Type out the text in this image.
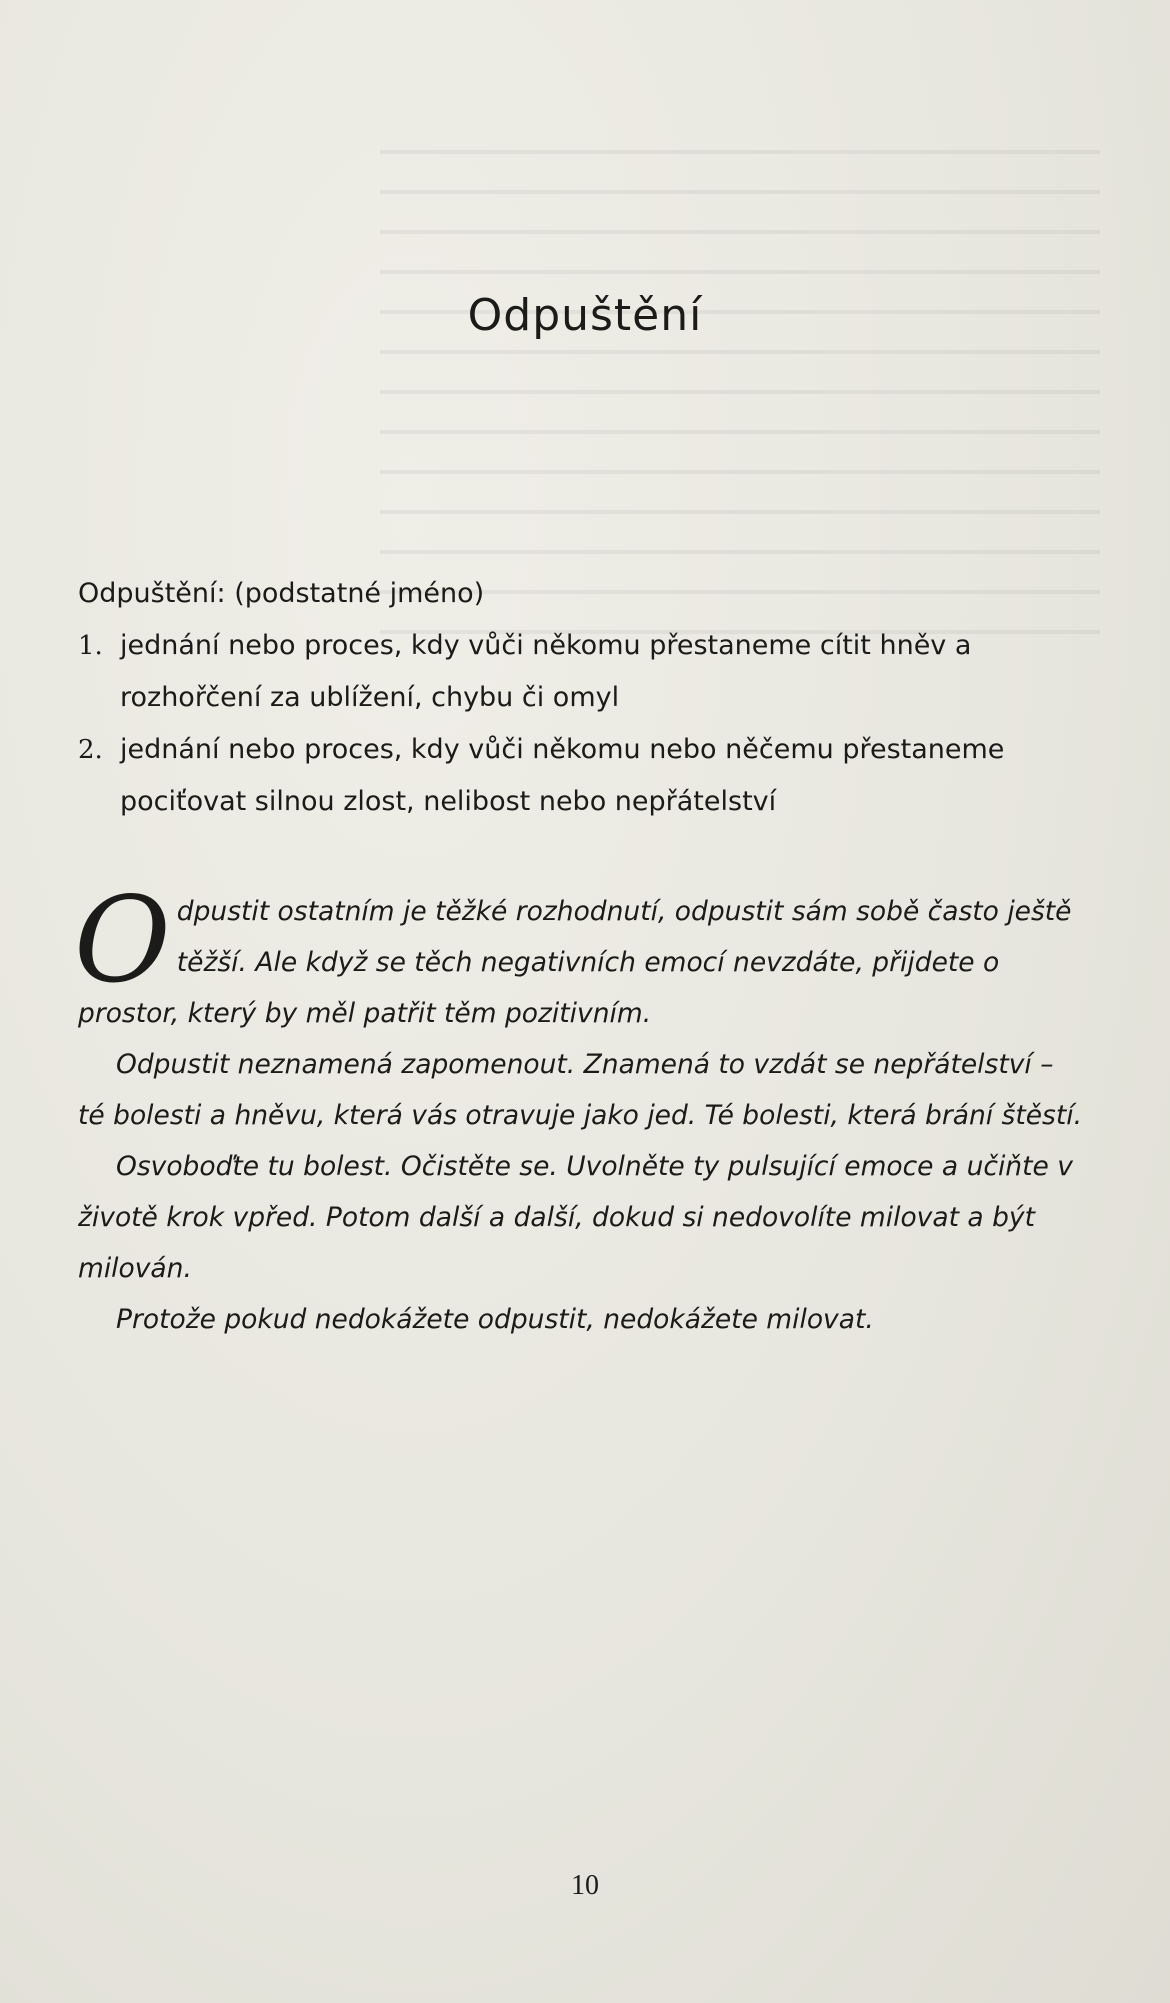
Odpuštění

Odpuštění: (podstatné jméno)

1. jednání nebo proces, kdy vůči někomu přestaneme cítit hněv a rozhořčení za ublížení, chybu či omyl

2. jednání nebo proces, kdy vůči někomu nebo něčemu přestaneme pociťovat silnou zlost, nelibost nebo nepřátelství

Odpustit ostatním je těžké rozhodnutí, odpustit sám sobě často ještě těžší. Ale když se těch negativních emocí nevzdáte, přijdete o prostor, který by měl patřit těm pozitivním.

Odpustit neznamená zapomenout. Znamená to vzdát se nepřátelství – té bolesti a hněvu, která vás otravuje jako jed. Té bolesti, která brání štěstí.

Osvoboďte tu bolest. Očistěte se. Uvolněte ty pulsující emoce a učiňte v životě krok vpřed. Potom další a další, dokud si nedovolíte milovat a být milován.

Protože pokud nedokážete odpustit, nedokážete milovat.

10
